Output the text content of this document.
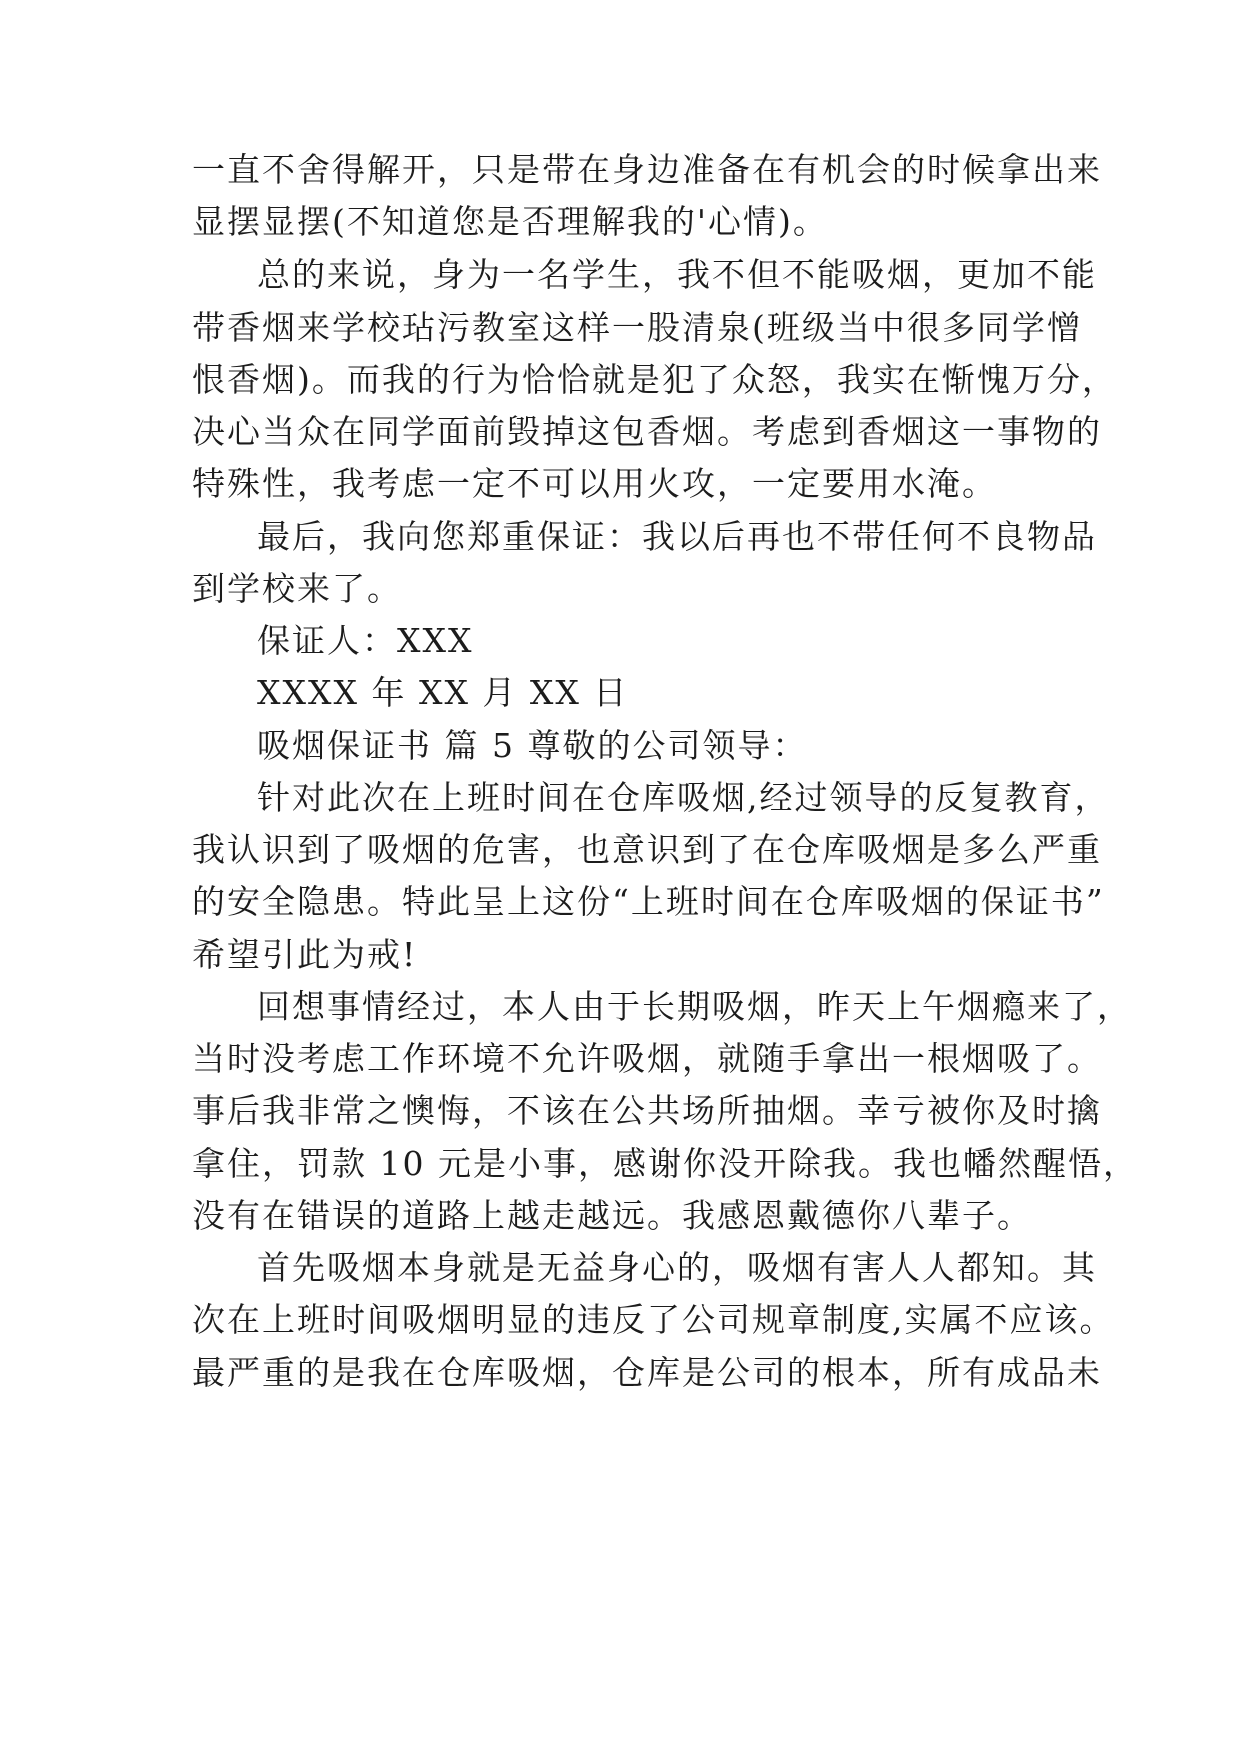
一直不舍得解开，只是带在身边准备在有机会的时候拿出来
显摆显摆(不知道您是否理解我的'心情)。
总的来说，身为一名学生，我不但不能吸烟，更加不能
带香烟来学校玷污教室这样一股清泉(班级当中很多同学憎
恨香烟)。而我的行为恰恰就是犯了众怒，我实在惭愧万分，
决心当众在同学面前毁掉这包香烟。考虑到香烟这一事物的
特殊性，我考虑一定不可以用火攻，一定要用水淹。
最后，我向您郑重保证：我以后再也不带任何不良物品
到学校来了。
保证人：XXX
XXXX 年 XX 月 XX 日
吸烟保证书 篇 5 尊敬的公司领导：
针对此次在上班时间在仓库吸烟,经过领导的反复教育，
我认识到了吸烟的危害，也意识到了在仓库吸烟是多么严重
的安全隐患。特此呈上这份“上班时间在仓库吸烟的保证书”
希望引此为戒!
回想事情经过，本人由于长期吸烟，昨天上午烟瘾来了，
当时没考虑工作环境不允许吸烟，就随手拿出一根烟吸了。
事后我非常之懊悔，不该在公共场所抽烟。幸亏被你及时擒
拿住，罚款 10 元是小事，感谢你没开除我。我也幡然醒悟，
没有在错误的道路上越走越远。我感恩戴德你八辈子。
首先吸烟本身就是无益身心的，吸烟有害人人都知。其
次在上班时间吸烟明显的违反了公司规章制度,实属不应该。
最严重的是我在仓库吸烟，仓库是公司的根本，所有成品未
